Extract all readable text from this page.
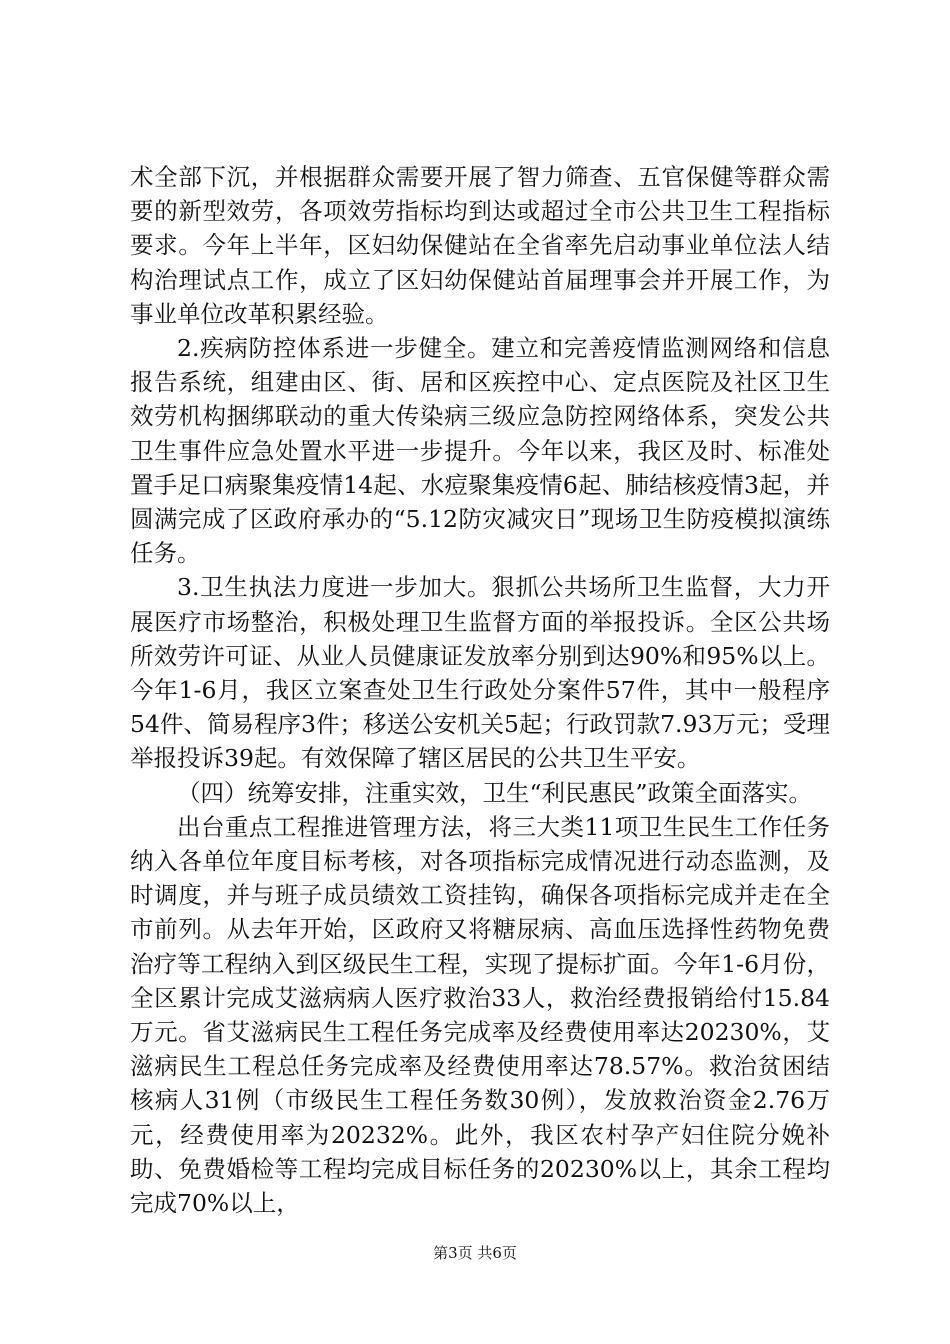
术全部下沉，并根据群众需要开展了智力筛查、五官保健等群众需要的新型效劳，各项效劳指标均到达或超过全市公共卫生工程指标要求。今年上半年，区妇幼保健站在全省率先启动事业单位法人结构治理试点工作，成立了区妇幼保健站首届理事会并开展工作，为事业单位改革积累经验。

2.疾病防控体系进一步健全。建立和完善疫情监测网络和信息报告系统，组建由区、街、居和区疾控中心、定点医院及社区卫生效劳机构捆绑联动的重大传染病三级应急防控网络体系，突发公共卫生事件应急处置水平进一步提升。今年以来，我区及时、标准处置手足口病聚集疫情14起、水痘聚集疫情6起、肺结核疫情3起，并圆满完成了区政府承办的“5.12防灾减灾日”现场卫生防疫模拟演练任务。

3.卫生执法力度进一步加大。狠抓公共场所卫生监督，大力开展医疗市场整治，积极处理卫生监督方面的举报投诉。全区公共场所效劳许可证、从业人员健康证发放率分别到达90%和95%以上。今年1-6月，我区立案查处卫生行政处分案件57件，其中一般程序54件、简易程序3件；移送公安机关5起；行政罚款7.93万元；受理举报投诉39起。有效保障了辖区居民的公共卫生平安。

（四）统筹安排，注重实效，卫生“利民惠民”政策全面落实。

出台重点工程推进管理方法，将三大类11项卫生民生工作任务纳入各单位年度目标考核，对各项指标完成情况进行动态监测，及时调度，并与班子成员绩效工资挂钩，确保各项指标完成并走在全市前列。从去年开始，区政府又将糖尿病、高血压选择性药物免费治疗等工程纳入到区级民生工程，实现了提标扩面。今年1-6月份，全区累计完成艾滋病病人医疗救治33人，救治经费报销给付15.84万元。省艾滋病民生工程任务完成率及经费使用率达20230%，艾滋病民生工程总任务完成率及经费使用率达78.57%。救治贫困结核病人31例（市级民生工程任务数30例），发放救治资金2.76万元，经费使用率为20232%。此外，我区农村孕产妇住院分娩补助、免费婚检等工程均完成目标任务的20230%以上，其余工程均完成70%以上，

第3页 共6页
